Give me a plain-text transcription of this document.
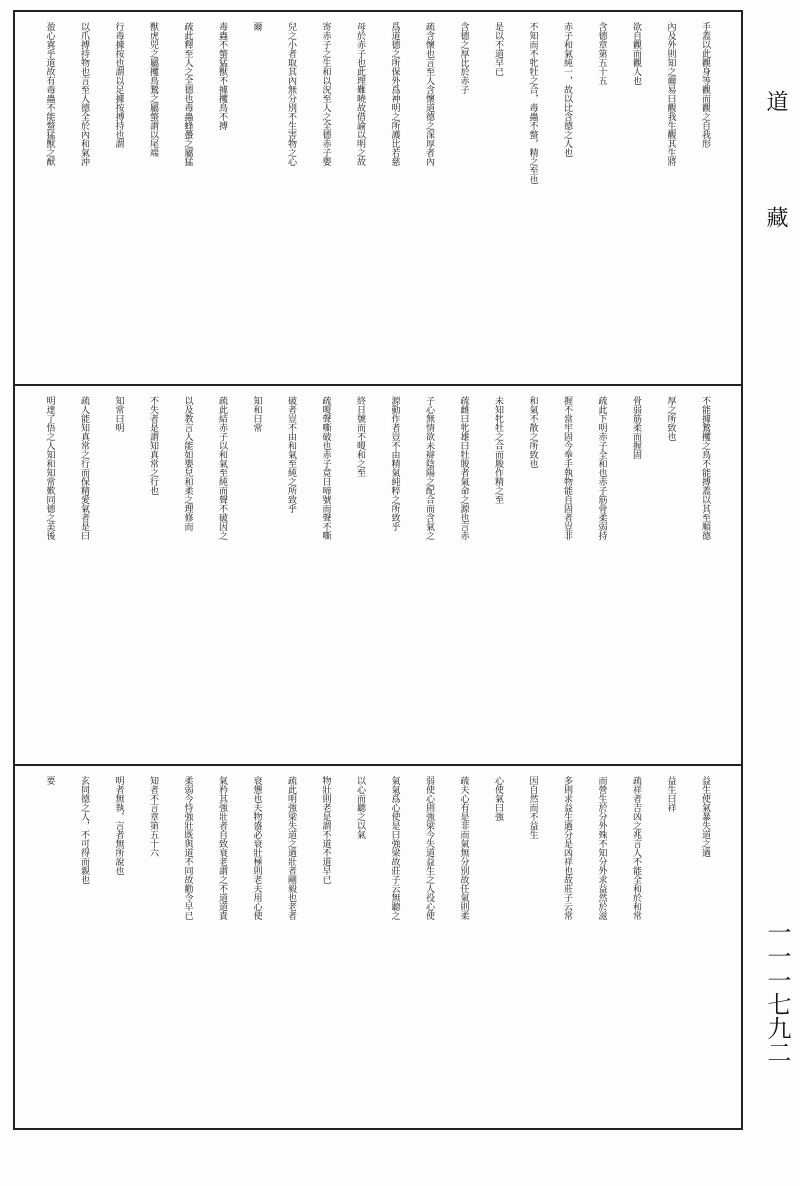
手蓋以此觀身等觀而觀之自我形
內及外則知之爾易曰觀我生觀其生將
欲自觀而觀人也
含德章第五十五
赤子和氣純一，故以比含德之人也
不知而不牝牡之合，毒蟲不螫，精之至也
是以不道早已
含德之厚比於赤子
疏含懷也言至人含懷道德之深厚者內
爲道德之所保外爲神明之所護比若慈
母於赤子也此理難曉故借諭以明之故
寄赤子之生和以況至人之全德赤子嬰
兒之小者取其內無分別不生害物之心
爾
毒蟲不螫猛獸不據攫鳥不搏
疏此釋至人之全德也毒蟲蜂蠆之屬猛
獸虎兕之屬攫鳥鷙之屬螫謂以尾端
行毒據按也謂以足據按搏持也謂
以爪搏持物也言至人德全於內和氣沖
盈心寘乎道故有毒蟲不能螫猛獸之猷
不能據鷙攫之鳥不能搏蓋以其至順德
厚之所致也
骨弱筋柔而握固
疏此下明赤子全和也赤子筋骨柔弱持
握不當牢固今拳手執物能自固者豈非
和氣不散之所致也
未知牝牡之合而朘作精之至
疏雌曰牝雄曰牡朘者氣命之源也言赤
子心無情欲未辯陰陽之配合而含氣之
源動作者豈不由精氣純粹之所致乎
終日號而不嗄和之至
疏嗄聲嘶破也赤子竟日啼號而聲不嘶
破者豈不由和氣至純之所致乎
知和曰常
疏此結赤子以和氣至純而聲不破因之
以及教言人能如嬰兒和柔之理修而
不失者是謂知真常之行也
知常曰明
疏人能知真常之行而保精愛氣者是曰
明達了悟之人知和知常歎同德之美後
益生使氣暴失道之過
益生曰祥
疏祥者吉凶之兆言人不能全和於和常
而營生於分外殊不知分外求益然於滋
多則求益生過分是凶祥也故莊子云常
因自然而不益生
心使氣曰強
疏夫心有是非而氣無分別故任氣則柔
弱使心則強梁今失道益生之人役心使
氣氣爲心使是曰強梁故莊子云無聽之
以心而聽之以氣
物壯則老是謂不道不道早已
疏此明強梁失道之過壯者剛毅也老者
衰憊也夫物盛必衰壯極則老夫用心使
氣矜其強壯者自致衰老謂之不道道貴
柔弱今恃強壯既與道不同故勸令早已
知者不言章第五十六
明者無執，言者無所說也
玄同德之人，不可得而親也
要
道　藏
一一一七九二
